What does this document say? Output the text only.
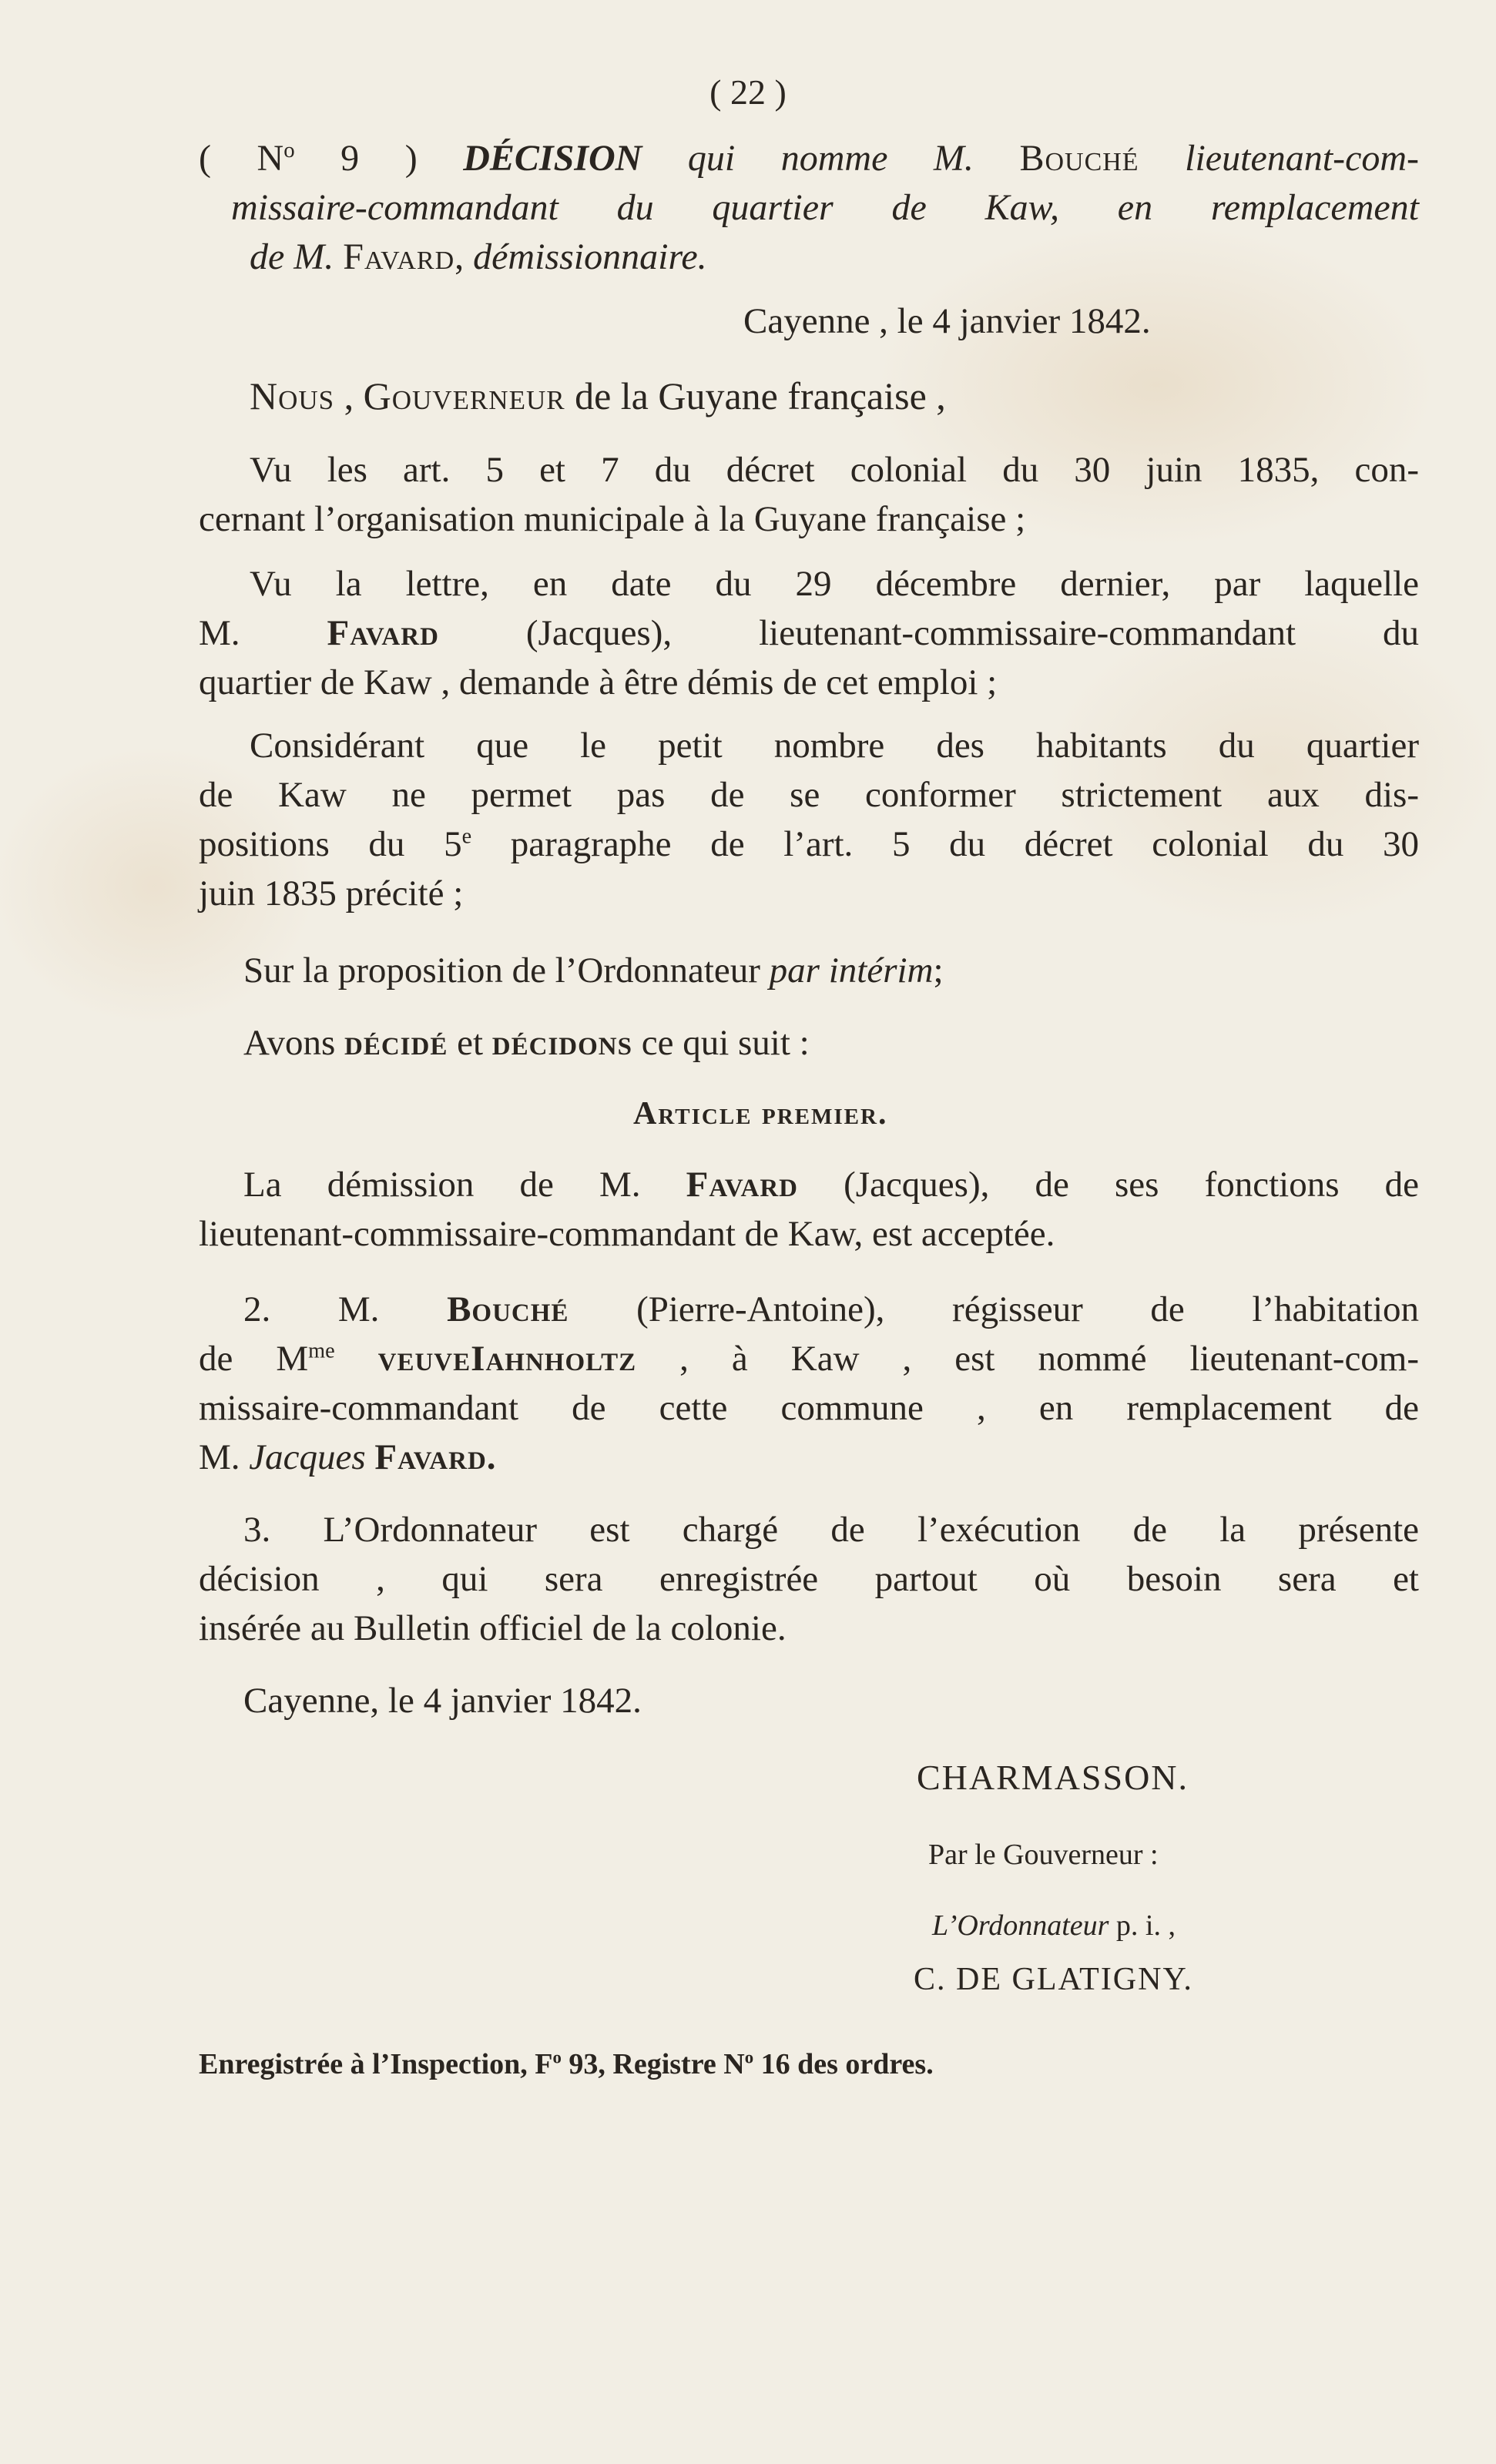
( 22 )
( $N^o$ 9 ) DÉCISION qui nomme M. Bouché lieutenant-com-
missaire-commandant du quartier de Kaw, en remplacement
de M. Favard, démissionnaire.
Cayenne , le 4 janvier 1842.
Nous , Gouverneur de la Guyane française ,
Vu les art. 5 et 7 du décret colonial du 30 juin 1835, con-
cernant l’organisation municipale à la Guyane française ;
Vu la lettre, en date du 29 décembre dernier, par laquelle
M. Favard (Jacques), lieutenant-commissaire-commandant du
quartier de Kaw , demande à être démis de cet emploi ;
Considérant que le petit nombre des habitants du quartier
de Kaw ne permet pas de se conformer strictement aux dis-
positions du 5e paragraphe de l’art. 5 du décret colonial du 30
juin 1835 précité ;
Sur la proposition de l’Ordonnateur par intérim;
Avons décidé et décidons ce qui suit :
Article premier.
La démission de M. Favard (Jacques), de ses fonctions de
lieutenant-commissaire-commandant de Kaw, est acceptée.
2. M. Bouché (Pierre-Antoine), régisseur de l’habitation
de $M^{me}$ veuveIahnholtz , à Kaw , est nommé lieutenant-com-
missaire-commandant de cette commune , en remplacement de
M. Jacques Favard.
3. L’Ordonnateur est chargé de l’exécution de la présente
décision , qui sera enregistrée partout où besoin sera et
insérée au Bulletin officiel de la colonie.
Cayenne, le 4 janvier 1842.
CHARMASSON.
Par le Gouverneur :
L’Ordonnateur p. i. ,
C. DE GLATIGNY.
Enregistrée à l’Inspection, $F^o$ 93, Registre $N^o$ 16 des ordres.
